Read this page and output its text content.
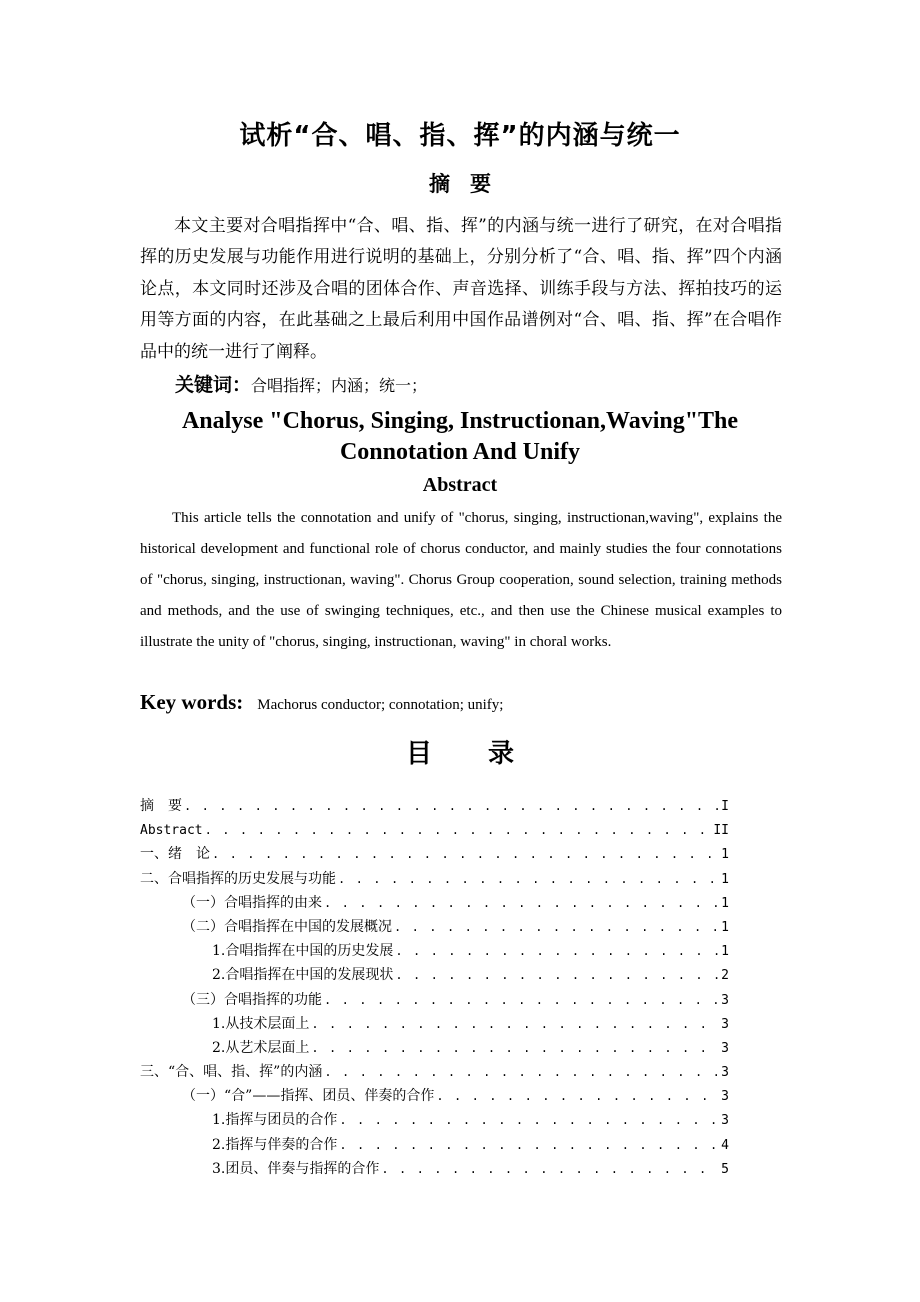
试析“合、唱、指、挥”的内涵与统一
摘要

本文主要对合唱指挥中“合、唱、指、挥”的内涵与统一进行了研究，在对合唱指挥的历史发展与功能作用进行说明的基础上，分别分析了“合、唱、指、挥”四个内涵论点，本文同时还涉及合唱的团体合作、声音选择、训练手段与方法、挥拍技巧的运用等方面的内容，在此基础之上最后利用中国作品谱例对“合、唱、指、挥”在合唱作品中的统一进行了阐释。

关键词：合唱指挥；内涵；统一；
Analyse "Chorus, Singing, Instructionan,Waving"The Connotation And Unify
Abstract

This article tells the connotation and unify of "chorus, singing, instructionan,waving", explains the historical development and functional role of chorus conductor, and mainly studies the four connotations of "chorus, singing, instructionan, waving". Chorus Group cooperation, sound selection, training methods and methods, and the use of swinging techniques, etc., and then use the Chinese musical examples to illustrate the unity of "chorus, singing, instructionan, waving" in choral works.

Key words: Machorus conductor; connotation; unify;
目录
摘　要 . . .	I
Abstract . . .	II
一、绪　论 . . .	1
二、合唱指挥的历史发展与功能 . . .	1
（一）合唱指挥的由来 . . .	1
（二）合唱指挥在中国的发展概况 . . .	1
1.合唱指挥在中国的历史发展 . . .	1
2.合唱指挥在中国的发展现状 . . .	2
（三）合唱指挥的功能 . . .	3
1.从技术层面上 . . .	3
2.从艺术层面上 . . .	3
三、“合、唱、指、挥”的内涵 . . .	3
（一）“合”——指挥、团员、伴奏的合作 . . .	3
1.指挥与团员的合作 . . .	3
2.指挥与伴奏的合作 . . .	4
3.团员、伴奏与指挥的合作 . . .	5
